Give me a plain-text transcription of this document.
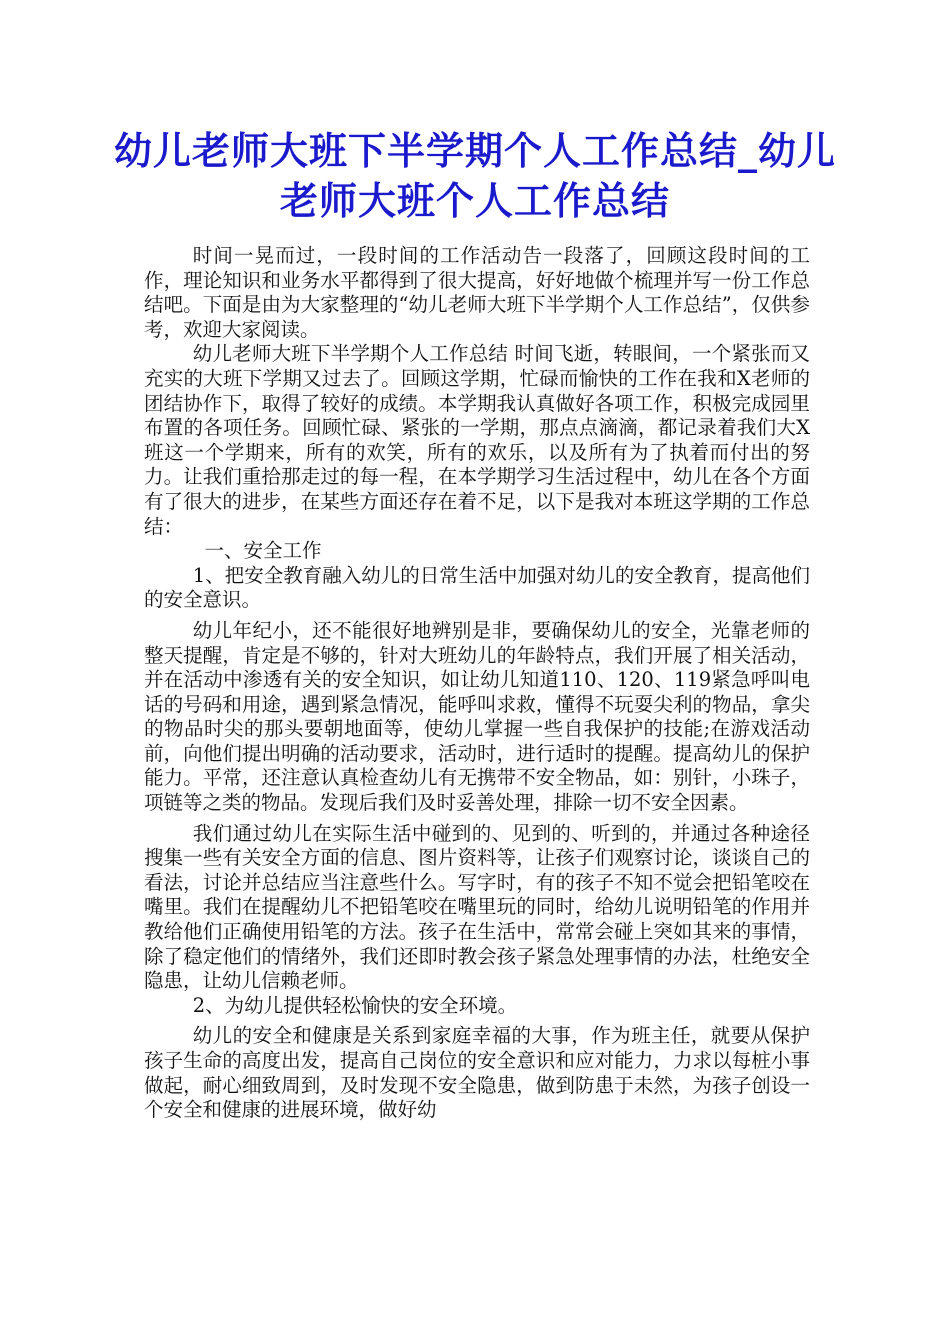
幼儿老师大班下半学期个人工作总结_幼儿老师大班个人工作总结

时间一晃而过，一段时间的工作活动告一段落了，回顾这段时间的工作，理论知识和业务水平都得到了很大提高，好好地做个梳理并写一份工作总结吧。下面是由为大家整理的“幼儿老师大班下半学期个人工作总结”，仅供参考，欢迎大家阅读。

幼儿老师大班下半学期个人工作总结 时间飞逝，转眼间，一个紧张而又充实的大班下学期又过去了。回顾这学期，忙碌而愉快的工作在我和X老师的团结协作下，取得了较好的成绩。本学期我认真做好各项工作，积极完成园里布置的各项任务。回顾忙碌、紧张的一学期，那点点滴滴，都记录着我们大X班这一个学期来，所有的欢笑，所有的欢乐，以及所有为了执着而付出的努力。让我们重拾那走过的每一程，在本学期学习生活过程中，幼儿在各个方面有了很大的进步，在某些方面还存在着不足，以下是我对本班这学期的工作总结：

一、安全工作

1、把安全教育融入幼儿的日常生活中加强对幼儿的安全教育，提高他们的安全意识。

幼儿年纪小，还不能很好地辨别是非，要确保幼儿的安全，光靠老师的整天提醒，肯定是不够的，针对大班幼儿的年龄特点，我们开展了相关活动，并在活动中渗透有关的安全知识，如让幼儿知道110、120、119紧急呼叫电话的号码和用途，遇到紧急情况，能呼叫求救，懂得不玩耍尖利的物品，拿尖的物品时尖的那头要朝地面等，使幼儿掌握一些自我保护的技能;在游戏活动前，向他们提出明确的活动要求，活动时，进行适时的提醒。提高幼儿的保护能力。平常，还注意认真检查幼儿有无携带不安全物品，如：别针，小珠子，项链等之类的物品。发现后我们及时妥善处理，排除一切不安全因素。

我们通过幼儿在实际生活中碰到的、见到的、听到的，并通过各种途径搜集一些有关安全方面的信息、图片资料等，让孩子们观察讨论，谈谈自己的看法，讨论并总结应当注意些什么。写字时，有的孩子不知不觉会把铅笔咬在嘴里。我们在提醒幼儿不把铅笔咬在嘴里玩的同时，给幼儿说明铅笔的作用并教给他们正确使用铅笔的方法。孩子在生活中，常常会碰上突如其来的事情，除了稳定他们的情绪外，我们还即时教会孩子紧急处理事情的办法，杜绝安全隐患，让幼儿信赖老师。

2、为幼儿提供轻松愉快的安全环境。

幼儿的安全和健康是关系到家庭幸福的大事，作为班主任，就要从保护孩子生命的高度出发，提高自己岗位的安全意识和应对能力，力求以每桩小事做起，耐心细致周到，及时发现不安全隐患，做到防患于未然，为孩子创设一个安全和健康的进展环境，做好幼
